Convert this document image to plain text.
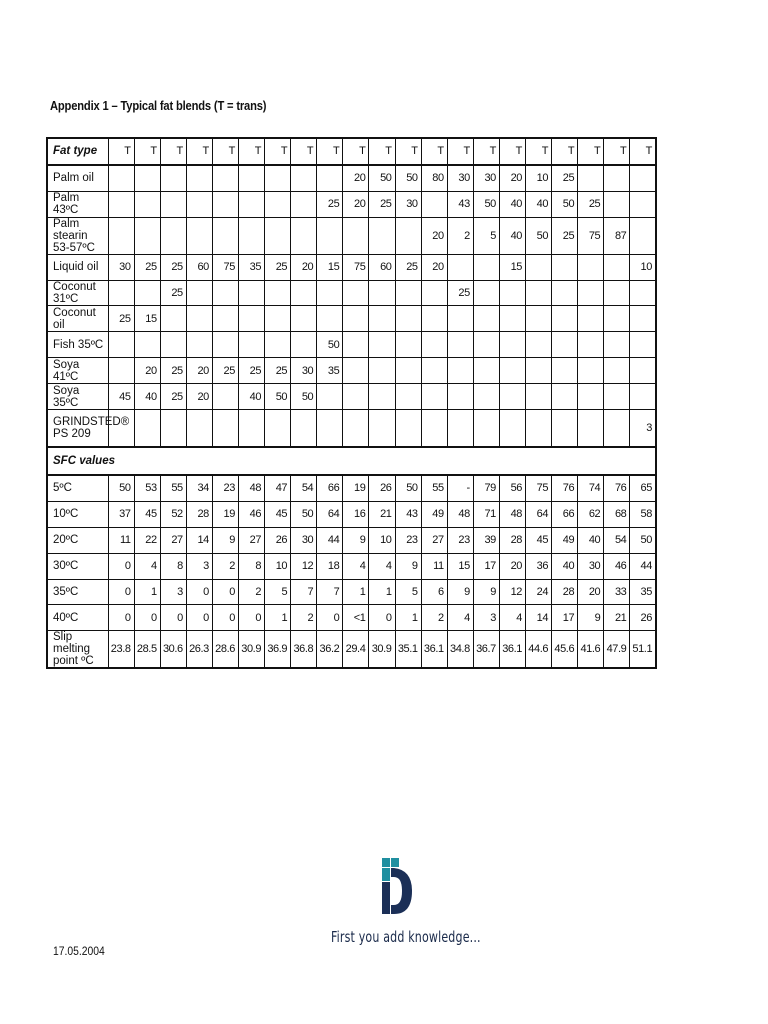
Appendix 1 – Typical fat blends (T = trans)
Fat type	T	T	T	T	T	T	T	T	T	T	T	T	T	T	T	T	T	T	T	T	T
Palm oil										20	50	50	80	30	30	20	10	25			
Palm 43ºC									25	20	25	30		43	50	40	40	50	25		
Palm stearin 53-57ºC													20	2	5	40	50	25	75	87	
Liquid oil	30	25	25	60	75	35	25	20	15	75	60	25	20			15					10
Coconut 31ºC			25											25							
Coconut oil	25	15																			
Fish 35ºC									50												
Soya 41ºC		20	25	20	25	25	25	30	35												
Soya 35ºC	45	40	25	20		40	50	50													
GRINDSTED® PS 209																					3
SFC values																					
5ºC	50	53	55	34	23	48	47	54	66	19	26	50	55	-	79	56	75	76	74	76	65
10ºC	37	45	52	28	19	46	45	50	64	16	21	43	49	48	71	48	64	66	62	68	58
20ºC	11	22	27	14	9	27	26	30	44	9	10	23	27	23	39	28	45	49	40	54	50
30ºC	0	4	8	3	2	8	10	12	18	4	4	9	11	15	17	20	36	40	30	46	44
35ºC	0	1	3	0	0	2	5	7	7	1	1	5	6	9	9	12	24	28	20	33	35
40ºC	0	0	0	0	0	0	1	2	0	<1	0	1	2	4	3	4	14	17	9	21	26
Slip melting point ºC	23.8	28.5	30.6	26.3	28.6	30.9	36.9	36.8	36.2	29.4	30.9	35.1	36.1	34.8	36.7	36.1	44.6	45.6	41.6	47.9	51.1
17.05.2004
First you add knowledge...
